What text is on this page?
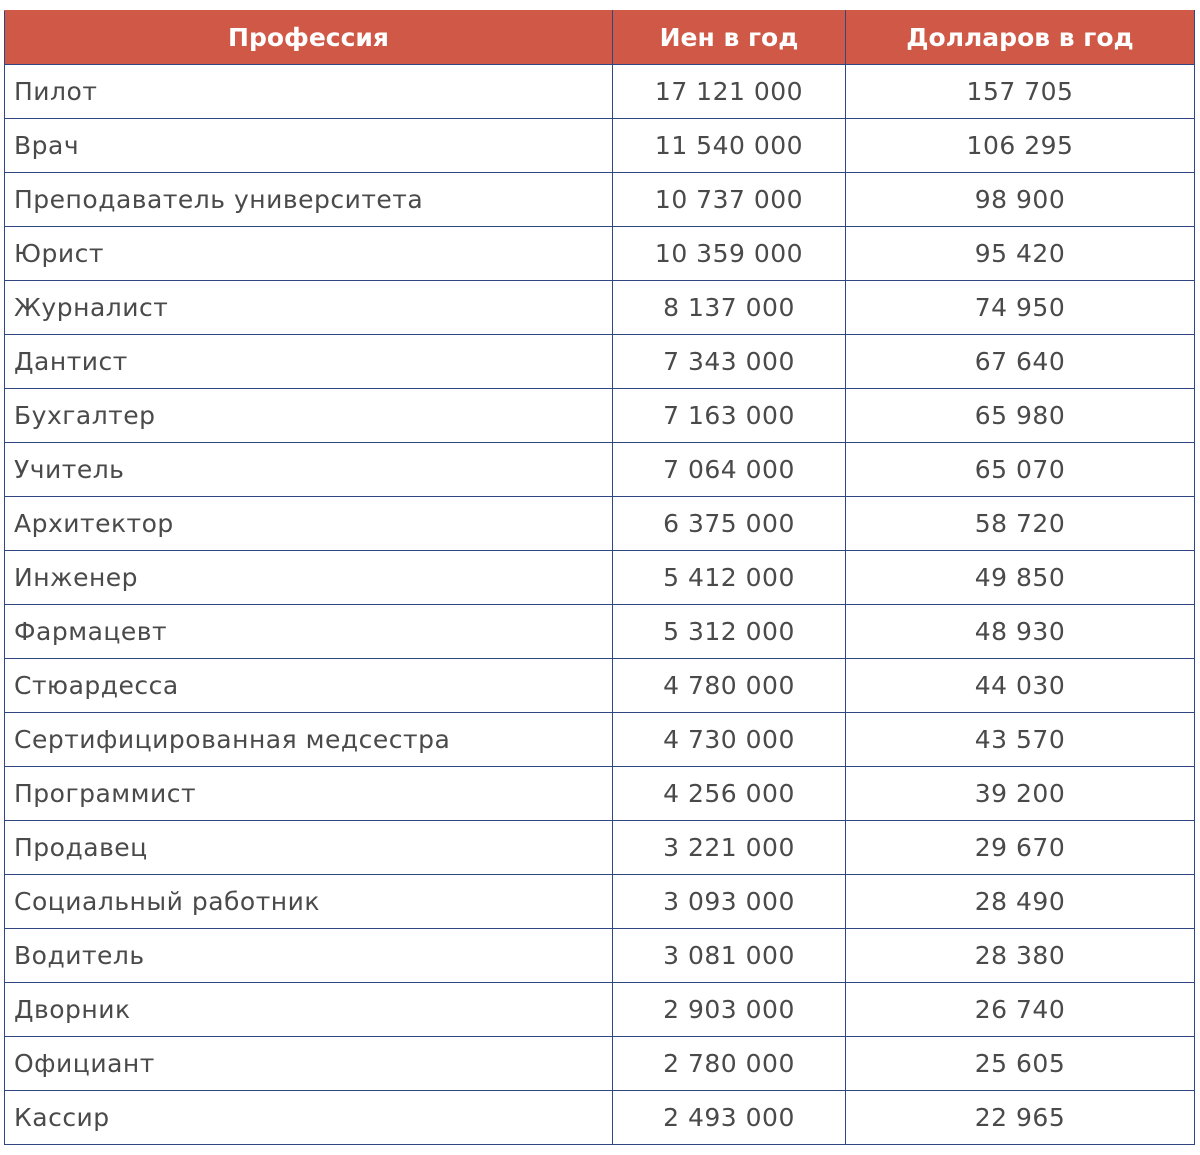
Профессия	Иен в год	Долларов в год
Пилот	17 121 000	157 705
Врач	11 540 000	106 295
Преподаватель университета	10 737 000	98 900
Юрист	10 359 000	95 420
Журналист	8 137 000	74 950
Дантист	7 343 000	67 640
Бухгалтер	7 163 000	65 980
Учитель	7 064 000	65 070
Архитектор	6 375 000	58 720
Инженер	5 412 000	49 850
Фармацевт	5 312 000	48 930
Стюардесса	4 780 000	44 030
Сертифицированная медсестра	4 730 000	43 570
Программист	4 256 000	39 200
Продавец	3 221 000	29 670
Социальный работник	3 093 000	28 490
Водитель	3 081 000	28 380
Дворник	2 903 000	26 740
Официант	2 780 000	25 605
Кассир	2 493 000	22 965
